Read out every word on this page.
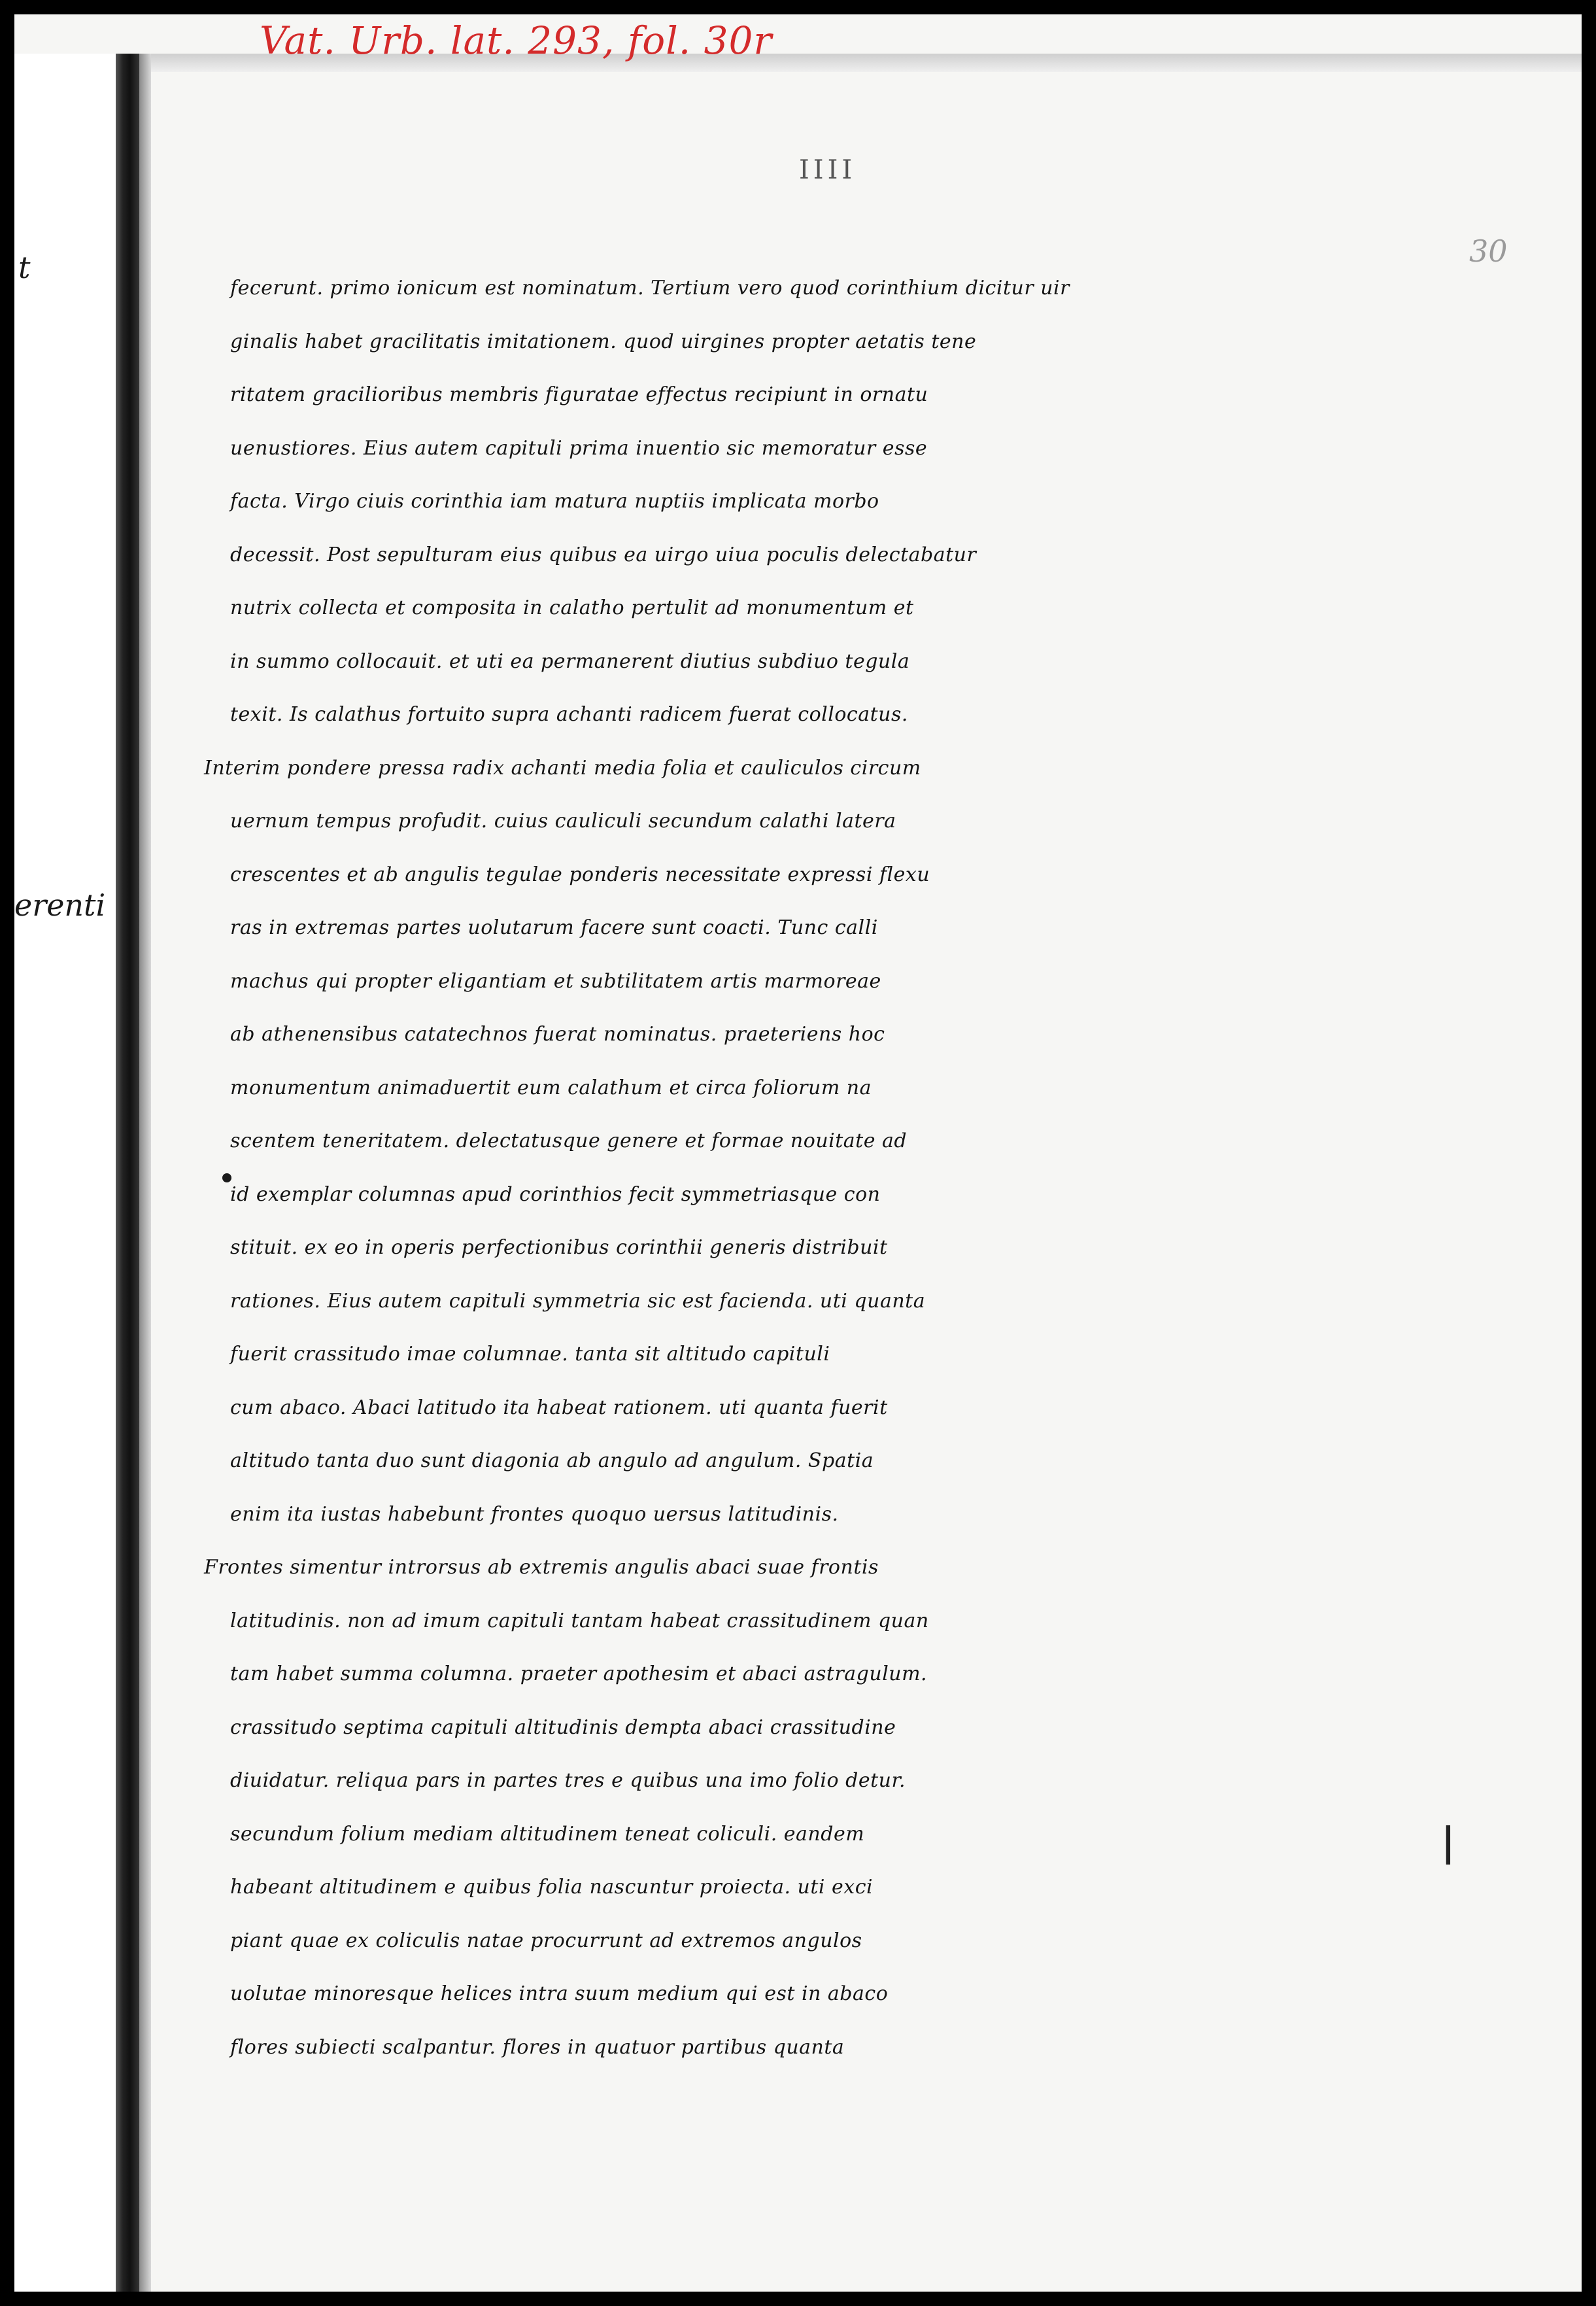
Vat. Urb. lat. 293, fol. 30r
t
erenti
IIII
30
|
fecerunt. primo ionicum est nominatum. Tertium vero quod corinthium dicitur uir
ginalis habet gracilitatis imitationem. quod uirgines propter aetatis tene
ritatem gracilioribus membris figuratae effectus recipiunt in ornatu
uenustiores. Eius autem capituli prima inuentio sic memoratur esse
facta. Virgo ciuis corinthia iam matura nuptiis implicata morbo
decessit. Post sepulturam eius quibus ea uirgo uiua poculis delectabatur
nutrix collecta et composita in calatho pertulit ad monumentum et
in summo collocauit. et uti ea permanerent diutius subdiuo tegula
texit. Is calathus fortuito supra achanti radicem fuerat collocatus.
Interim pondere pressa radix achanti media folia et cauliculos circum
uernum tempus profudit. cuius cauliculi secundum calathi latera
crescentes et ab angulis tegulae ponderis necessitate expressi flexu
ras in extremas partes uolutarum facere sunt coacti. Tunc calli
machus qui propter eligantiam et subtilitatem artis marmoreae
ab athenensibus catatechnos fuerat nominatus. praeteriens hoc
monumentum animaduertit eum calathum et circa foliorum na
scentem teneritatem. delectatusque genere et formae nouitate ad
id exemplar columnas apud corinthios fecit symmetriasque con
stituit. ex eo in operis perfectionibus corinthii generis distribuit
rationes. Eius autem capituli symmetria sic est facienda. uti quanta
fuerit crassitudo imae columnae. tanta sit altitudo capituli
cum abaco. Abaci latitudo ita habeat rationem. uti quanta fuerit
altitudo tanta duo sunt diagonia ab angulo ad angulum. Spatia
enim ita iustas habebunt frontes quoquo uersus latitudinis.
Frontes simentur introrsus ab extremis angulis abaci suae frontis
latitudinis. non ad imum capituli tantam habeat crassitudinem quan
tam habet summa columna. praeter apothesim et abaci astragulum.
crassitudo septima capituli altitudinis dempta abaci crassitudine
diuidatur. reliqua pars in partes tres e quibus una imo folio detur.
secundum folium mediam altitudinem teneat coliculi. eandem
habeant altitudinem e quibus folia nascuntur proiecta. uti exci
piant quae ex coliculis natae procurrunt ad extremos angulos
uolutae minoresque helices intra suum medium qui est in abaco
flores subiecti scalpantur. flores in quatuor partibus quanta
